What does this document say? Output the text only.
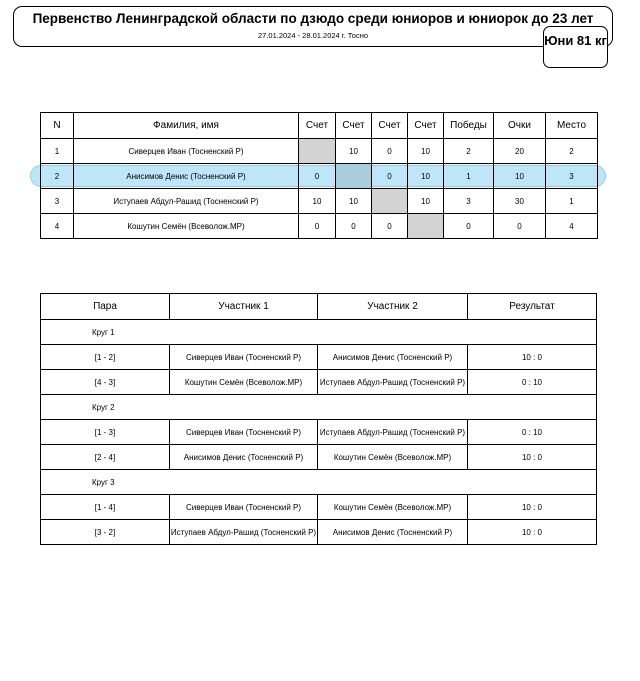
Первенство Ленинградской области по дзюдо среди юниоров и юниорок до 23 лет
27.01.2024 - 28.01.2024 г. Тосно	Юни 81 кг
N	Фамилия, имя	Счет	Счет	Счет	Счет	Победы	Очки	Место
1	Сиверцев Иван (Тосненский Р)		10	0	10	2	20	2
2	Анисимов Денис (Тосненский Р)	0		0	10	1	10	3
3	Иступаев Абдул-Рашид (Тосненский Р)	10	10		10	3	30	1
4	Кошутин Семён (Всеволож.МР)	0	0	0		0	0	4
Пара	Участник 1	Участник 2	Результат
Круг 1			
[1 - 2]	Сиверцев Иван (Тосненский Р)	Анисимов Денис (Тосненский Р)	10 : 0
[4 - 3]	Кошутин Семён (Всеволож.МР)	Иступаев Абдул-Рашид (Тосненский Р)	0 : 10
Круг 2			
[1 - 3]	Сиверцев Иван (Тосненский Р)	Иступаев Абдул-Рашид (Тосненский Р)	0 : 10
[2 - 4]	Анисимов Денис (Тосненский Р)	Кошутин Семён (Всеволож.МР)	10 : 0
Круг 3			
[1 - 4]	Сиверцев Иван (Тосненский Р)	Кошутин Семён (Всеволож.МР)	10 : 0
[3 - 2]	Иступаев Абдул-Рашид (Тосненский Р)	Анисимов Денис (Тосненский Р)	10 : 0
